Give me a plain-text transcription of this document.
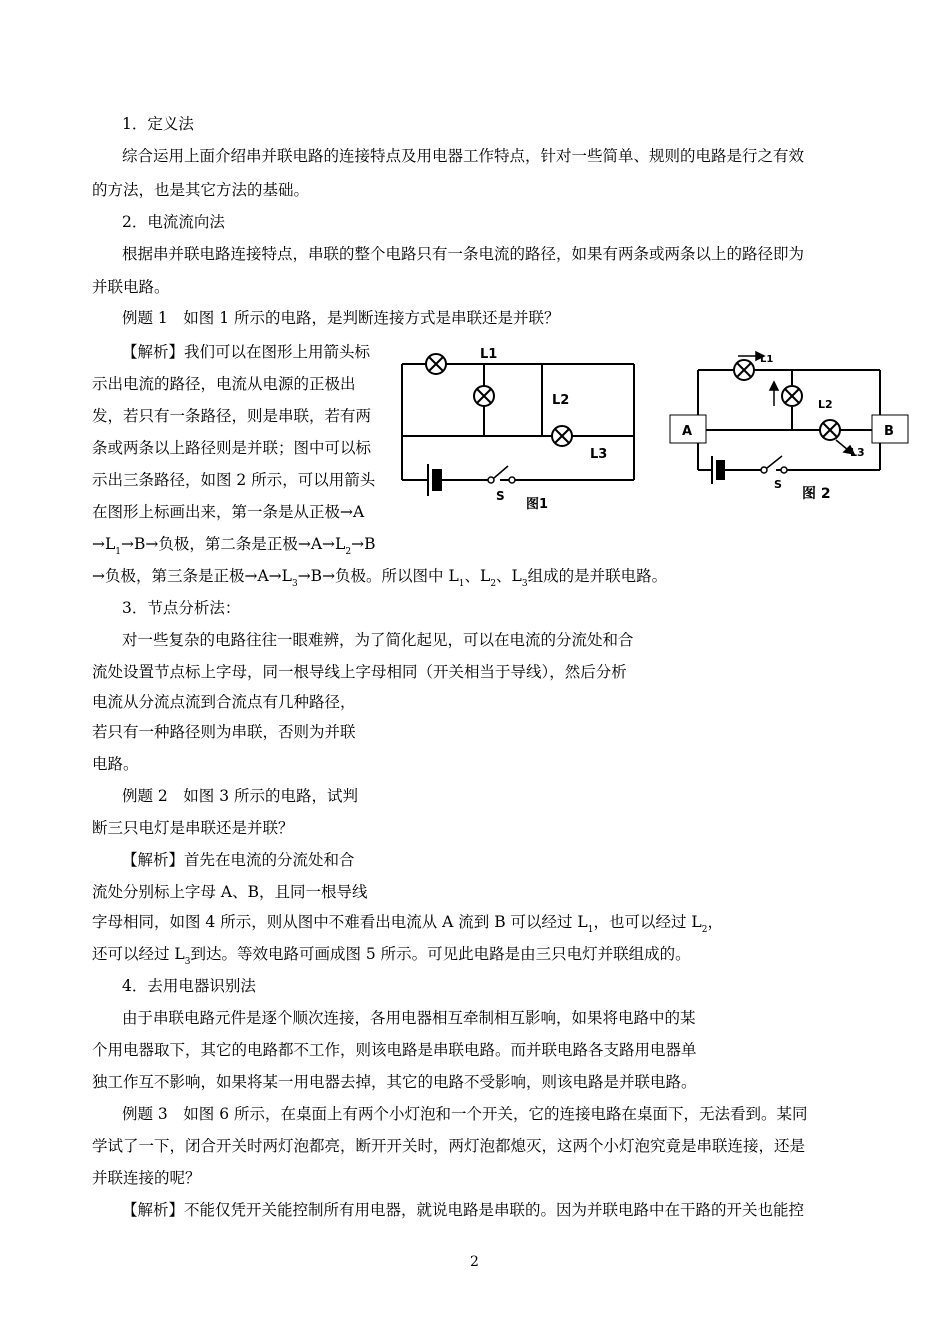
1．定义法
综合运用上面介绍串并联电路的连接特点及用电器工作特点，针对一些简单、规则的电路是行之有效
的方法，也是其它方法的基础。
2．电流流向法
根据串并联电路连接特点，串联的整个电路只有一条电流的路径，如果有两条或两条以上的路径即为
并联电路。
例题 1　如图 1 所示的电路，是判断连接方式是串联还是并联？
【解析】我们可以在图形上用箭头标
示出电流的路径，电流从电源的正极出
发，若只有一条路径，则是串联，若有两
条或两条以上路径则是并联；图中可以标
示出三条路径，如图 2 所示，可以用箭头
在图形上标画出来，第一条是从正极→A
$\to L_1\to B\to$负极，第二条是正极$\to A\to L_2\to B$
→负极，第三条是正极$\to A\to L_3\to B\to$负极。所以图中 $L_1$、$L_2$、$L_3$组成的是并联电路。
L1
L2
L3
S
图1
A	B
L1
L2
L3
S
图 2
3．节点分析法：
对一些复杂的电路往往一眼难辨，为了简化起见，可以在电流的分流处和合
流处设置节点标上字母，同一根导线上字母相同（开关相当于导线），然后分析
电流从分流点流到合流点有几种路径，
若只有一种路径则为串联，否则为并联
电路。
例题 2　如图 3 所示的电路，试判
断三只电灯是串联还是并联？
【解析】首先在电流的分流处和合
流处分别标上字母 A、B，且同一根导线
字母相同，如图 4 所示，则从图中不难看出电流从 A 流到 B 可以经过 $L_1$，也可以经过 $L_2$，
还可以经过 $L_3$到达。等效电路可画成图 5 所示。可见此电路是由三只电灯并联组成的。
4．去用电器识别法
由于串联电路元件是逐个顺次连接，各用电器相互牵制相互影响，如果将电路中的某
个用电器取下，其它的电路都不工作，则该电路是串联电路。而并联电路各支路用电器单
独工作互不影响，如果将某一用电器去掉，其它的电路不受影响，则该电路是并联电路。
例题 3　如图 6 所示，在桌面上有两个小灯泡和一个开关，它的连接电路在桌面下，无法看到。某同
学试了一下，闭合开关时两灯泡都亮，断开开关时，两灯泡都熄灭，这两个小灯泡究竟是串联连接，还是
并联连接的呢？
【解析】不能仅凭开关能控制所有用电器，就说电路是串联的。因为并联电路中在干路的开关也能控
2
